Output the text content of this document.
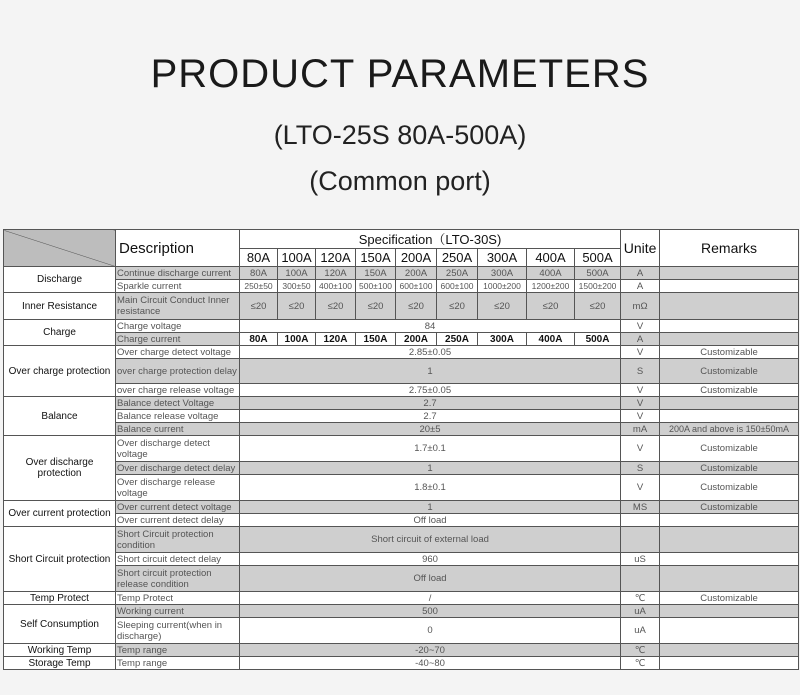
PRODUCT PARAMETERS
(LTO-25S 80A-500A)
(Common port)
	Description	Specification（LTO-30S)									Unite	Remarks
		80A	100A	120A	150A	200A	250A	300A	400A	500A		
Discharge	Continue discharge current	80A	100A	120A	150A	200A	250A	300A	400A	500A	A	
	Sparkle current	250±50	300±50	400±100	500±100	600±100	600±100	1000±200	1200±200	1500±200	A	
Inner Resistance	Main Circuit Conduct Inner resistance	≤20	≤20	≤20	≤20	≤20	≤20	≤20	≤20	≤20	mΩ	
Charge	Charge voltage	84									V	
	Charge current	80A	100A	120A	150A	200A	250A	300A	400A	500A	A	
Over charge protection	Over charge detect voltage	2.85±0.05									V	Customizable
	over charge protection delay	1									S	Customizable
	over charge release voltage	2.75±0.05									V	Customizable
Balance	Balance detect Voltage	2.7									V	
	Balance release voltage	2.7									V	
	Balance current	20±5									mA	200A and above is 150±50mA
Over discharge protection	Over discharge detect voltage	1.7±0.1									V	Customizable
	Over discharge detect delay	1									S	Customizable
	Over discharge release voltage	1.8±0.1									V	Customizable
Over current protection	Over current detect voltage	1									MS	Customizable
	Over current detect delay	Off load										
Short Circuit protection	Short Circuit protection condition	Short circuit of external load										
	Short circuit detect delay	960									uS	
	Short circuit protection release condition	Off load										
Temp Protect	Temp Protect	/									℃	Customizable
Self Consumption	Working current	500									uA	
	Sleeping current(when in discharge)	0									uA	
Working Temp	Temp range	-20~70									℃	
Storage Temp	Temp range	-40~80									℃	
